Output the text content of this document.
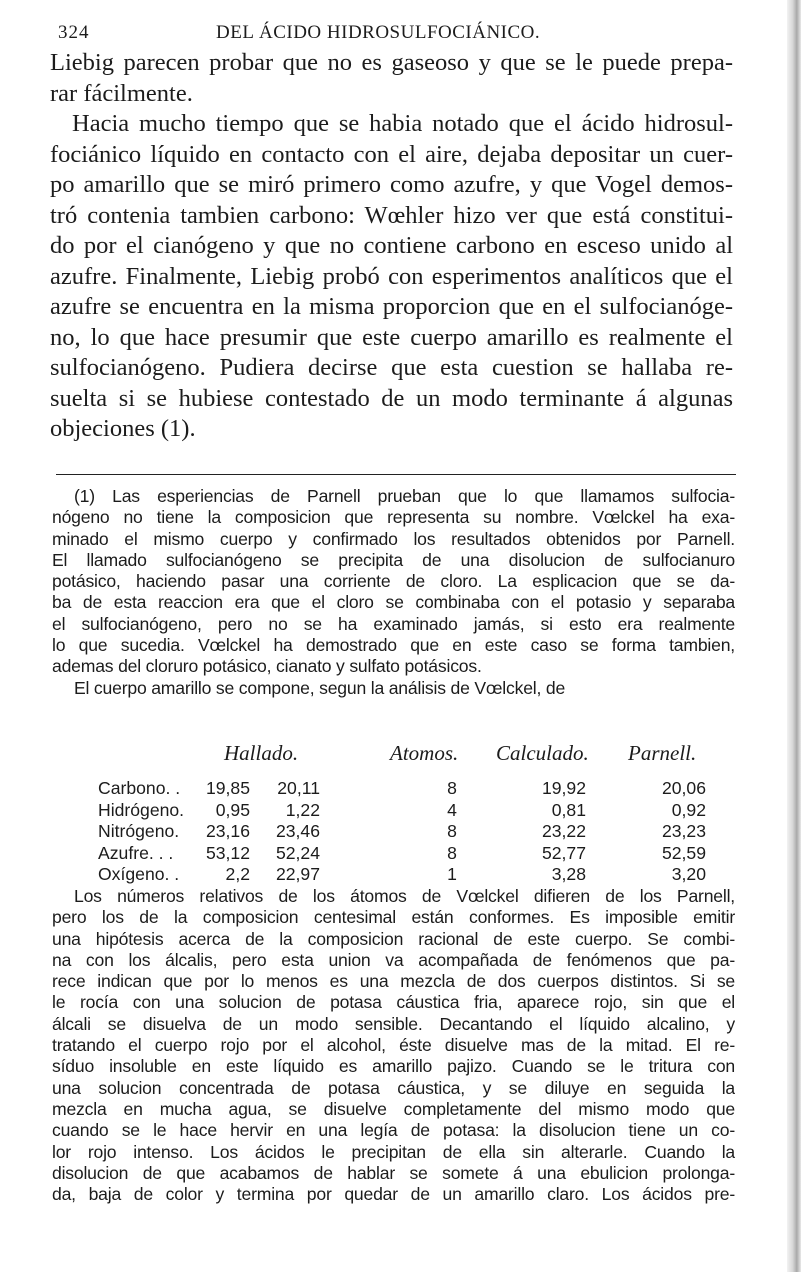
324	DEL ÁCIDO HIDROSULFOCIÁNICO.
Liebig parecen probar que no es gaseoso y que se le puede prepa-
rar fácilmente.
Hacia mucho tiempo que se habia notado que el ácido hidrosul-
fociánico líquido en contacto con el aire, dejaba depositar un cuer-
po amarillo que se miró primero como azufre, y que Vogel demos-
tró contenia tambien carbono: Wœhler hizo ver que está constitui-
do por el cianógeno y que no contiene carbono en esceso unido al
azufre. Finalmente, Liebig probó con esperimentos analíticos que el
azufre se encuentra en la misma proporcion que en el sulfocianóge-
no, lo que hace presumir que este cuerpo amarillo es realmente el
sulfocianógeno. Pudiera decirse que esta cuestion se hallaba re-
suelta si se hubiese contestado de un modo terminante á algunas
objeciones (1).
(1) Las esperiencias de Parnell prueban que lo que llamamos sulfocia-
nógeno no tiene la composicion que representa su nombre. Vœlckel ha exa-
minado el mismo cuerpo y confirmado los resultados obtenidos por Parnell.
El llamado sulfocianógeno se precipita de una disolucion de sulfocianuro
potásico, haciendo pasar una corriente de cloro. La esplicacion que se da-
ba de esta reaccion era que el cloro se combinaba con el potasio y separaba
el sulfocianógeno, pero no se ha examinado jamás, si esto era realmente
lo que sucedia. Vœlckel ha demostrado que en este caso se forma tambien,
ademas del cloruro potásico, cianato y sulfato potásicos.
El cuerpo amarillo se compone, segun la análisis de Vœlckel, de
Hallado.	Atomos. Calculado. Parnell.
Carbono. .	19,85	20,11	8	19,92	20,06
Hidrógeno.	0,95	1,22	4	0,81	0,92
Nitrógeno.	23,16	23,46	8	23,22	23,23
Azufre. . .	53,12	52,24	8	52,77	52,59
Oxígeno. .	2,2	22,97	1	3,28	3,20
Los números relativos de los átomos de Vœlckel difieren de los Parnell,
pero los de la composicion centesimal están conformes. Es imposible emitir
una hipótesis acerca de la composicion racional de este cuerpo. Se combi-
na con los álcalis, pero esta union va acompañada de fenómenos que pa-
rece indican que por lo menos es una mezcla de dos cuerpos distintos. Si se
le rocía con una solucion de potasa cáustica fria, aparece rojo, sin que el
álcali se disuelva de un modo sensible. Decantando el líquido alcalino, y
tratando el cuerpo rojo por el alcohol, éste disuelve mas de la mitad. El re-
síduo insoluble en este líquido es amarillo pajizo. Cuando se le tritura con
una solucion concentrada de potasa cáustica, y se diluye en seguida la
mezcla en mucha agua, se disuelve completamente del mismo modo que
cuando se le hace hervir en una legía de potasa: la disolucion tiene un co-
lor rojo intenso. Los ácidos le precipitan de ella sin alterarle. Cuando la
disolucion de que acabamos de hablar se somete á una ebulicion prolonga-
da, baja de color y termina por quedar de un amarillo claro. Los ácidos pre-
